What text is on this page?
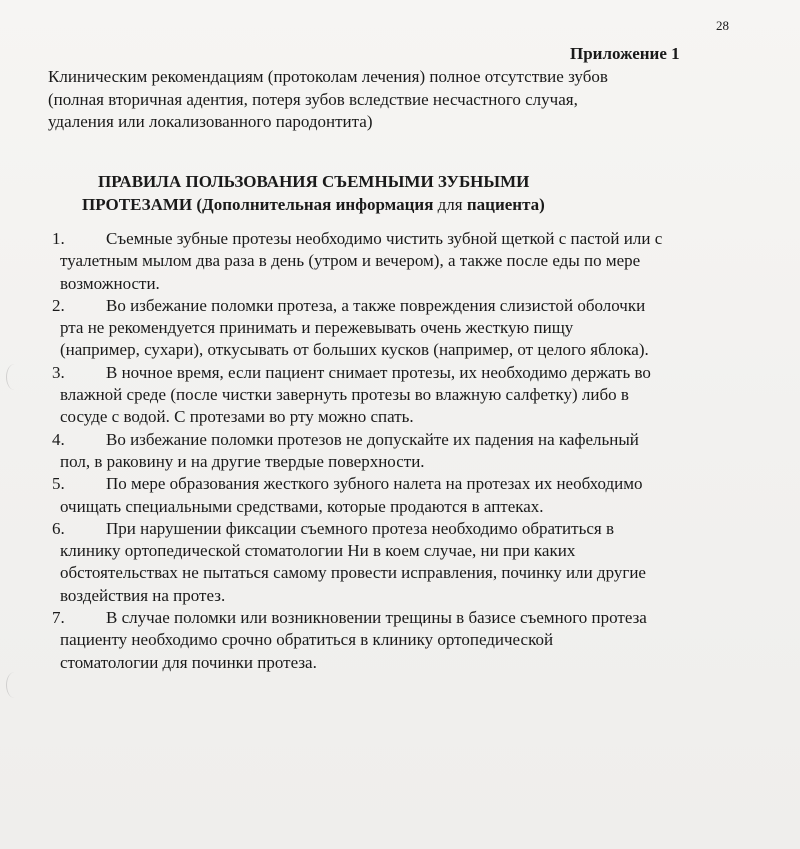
28
Приложение 1
Клиническим рекомендациям (протоколам лечения) полное отсутствие зубов
(полная вторичная адентия, потеря зубов вследствие несчастного случая,
удаления или локализованного пародонтита)
ПРАВИЛА ПОЛЬЗОВАНИЯ СЪЕМНЫМИ ЗУБНЫМИ
ПРОТЕЗАМИ (Дополнительная информация для пациента)
1.	Съемные зубные протезы необходимо чистить зубной щеткой с пастой или с
туалетным мылом два раза в день (утром и вечером), а также после еды по мере
возможности.
2.	Во избежание поломки протеза, а также повреждения слизистой оболочки
рта не рекомендуется принимать и пережевывать очень жесткую пищу
(например, сухари), откусывать от больших кусков (например, от целого яблока).
3.	В ночное время, если пациент снимает протезы, их необходимо держать во
влажной среде (после чистки завернуть протезы во влажную салфетку) либо в
сосуде с водой. С протезами во рту можно спать.
4.	Во избежание поломки протезов не допускайте их падения на кафельный
пол, в раковину и на другие твердые поверхности.
5.	По мере образования жесткого зубного налета на протезах их необходимо
очищать специальными средствами, которые продаются в аптеках.
6.	При нарушении фиксации съемного протеза необходимо обратиться в
клинику ортопедической стоматологии Ни в коем случае, ни при каких
обстоятельствах не пытаться самому провести исправления, починку или другие
воздействия на протез.
7.	В случае поломки или возникновении трещины в базисе съемного протеза
пациенту необходимо срочно обратиться в клинику ортопедической
стоматологии для починки протеза.
